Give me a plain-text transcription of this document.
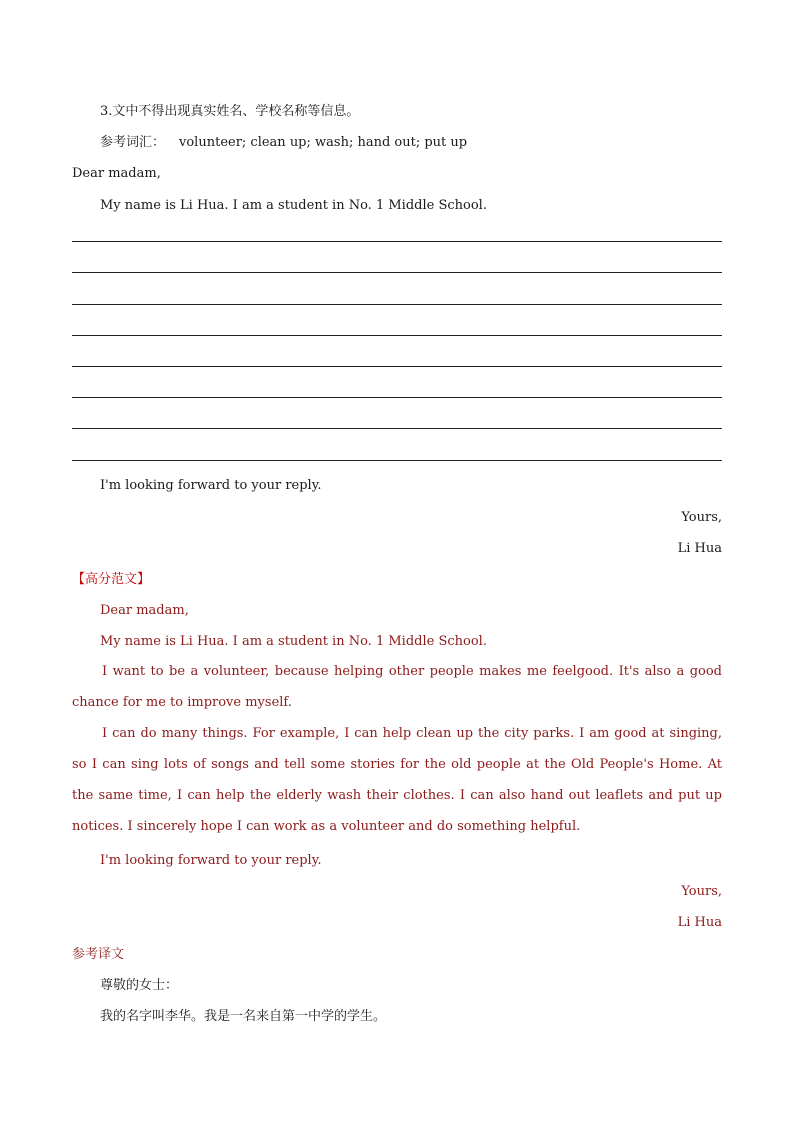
3.文中不得出现真实姓名、学校名称等信息。
参考词汇： volunteer; clean up; wash; hand out; put up
Dear madam,
My name is Li Hua. I am a student in No. 1 Middle School.
I'm looking forward to your reply.
Yours,
Li Hua
【高分范文】
Dear madam,
My name is Li Hua. I am a student in No. 1 Middle School.
I want to be a volunteer, because helping other people makes me feelgood. It's also a good chance for me to improve myself.
I can do many things. For example, I can help clean up the city parks. I am good at singing, so I can sing lots of songs and tell some stories for the old people at the Old People's Home. At the same time, I can help the elderly wash their clothes. I can also hand out leaflets and put up notices. I sincerely hope I can work as a volunteer and do something helpful.
I'm looking forward to your reply.
Yours,
Li Hua
参考译文
尊敬的女士：
我的名字叫李华。我是一名来自第一中学的学生。
